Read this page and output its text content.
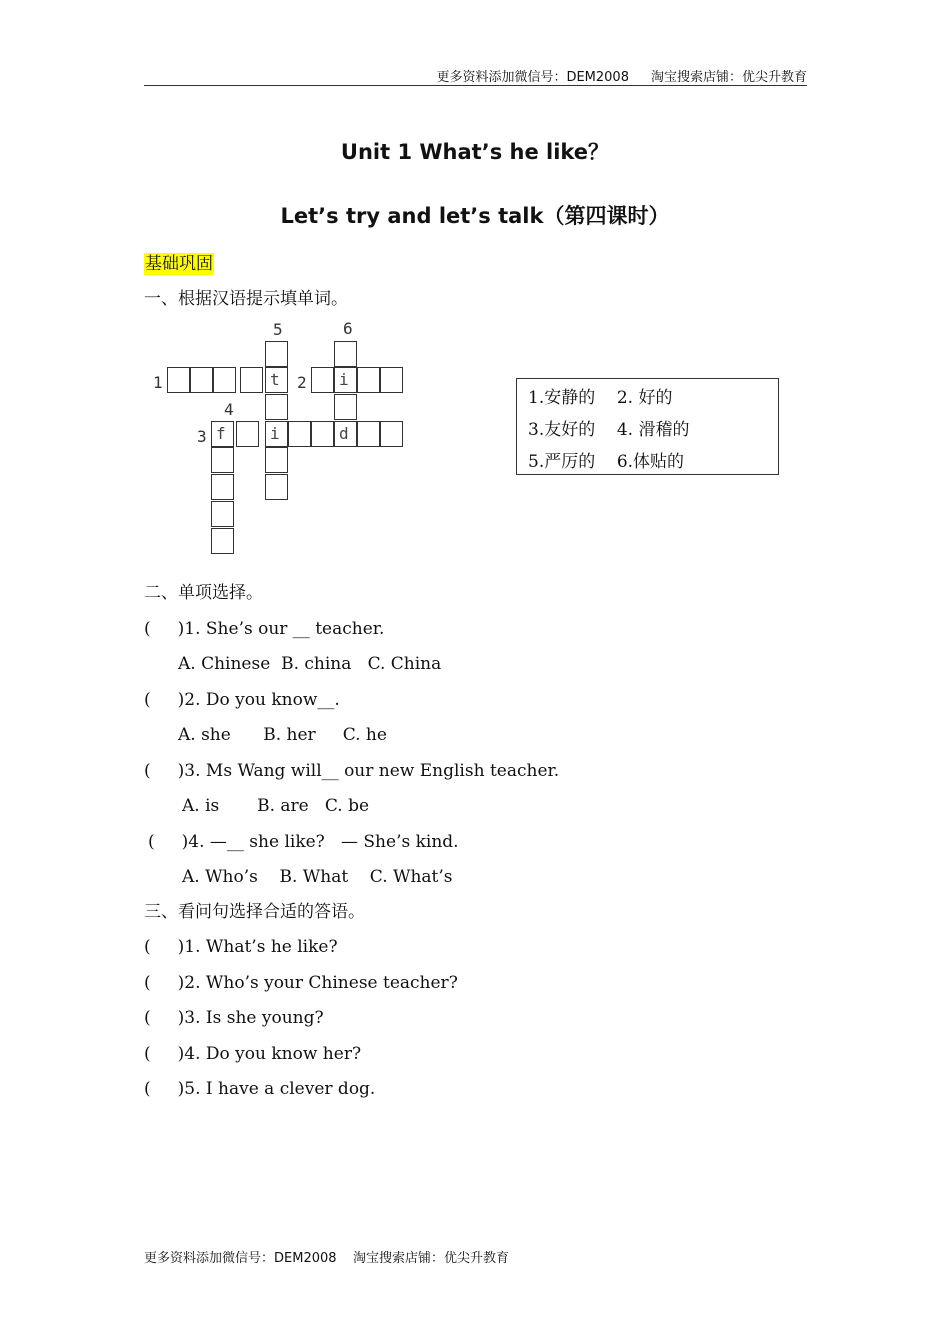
更多资料添加微信号：DEM2008 淘宝搜索店铺：优尖升教育
Unit 1 What’s he like？
Let’s try and let’s talk（第四课时）
基础巩固
一、根据汉语提示填单词。
5	6
1	2
4
3
t	i
f	i	d
1.安静的    2. 好的
3.友好的    4. 滑稽的
5.严厉的    6.体贴的
二、单项选择。
(     )1. She’s our __ teacher.
A. Chinese  B. china   C. China
(     )2. Do you know__.
A. she      B. her     C. he
(     )3. Ms Wang will__ our new English teacher.
A. is       B. are   C. be
(     )4. —__ she like?   — She’s kind.
A. Who’s    B. What    C. What’s
三、看问句选择合适的答语。
(     )1. What’s he like?
(     )2. Who’s your Chinese teacher?
(     )3. Is she young?
(     )4. Do you know her?
(     )5. I have a clever dog.
更多资料添加微信号：DEM2008    淘宝搜索店铺：优尖升教育
